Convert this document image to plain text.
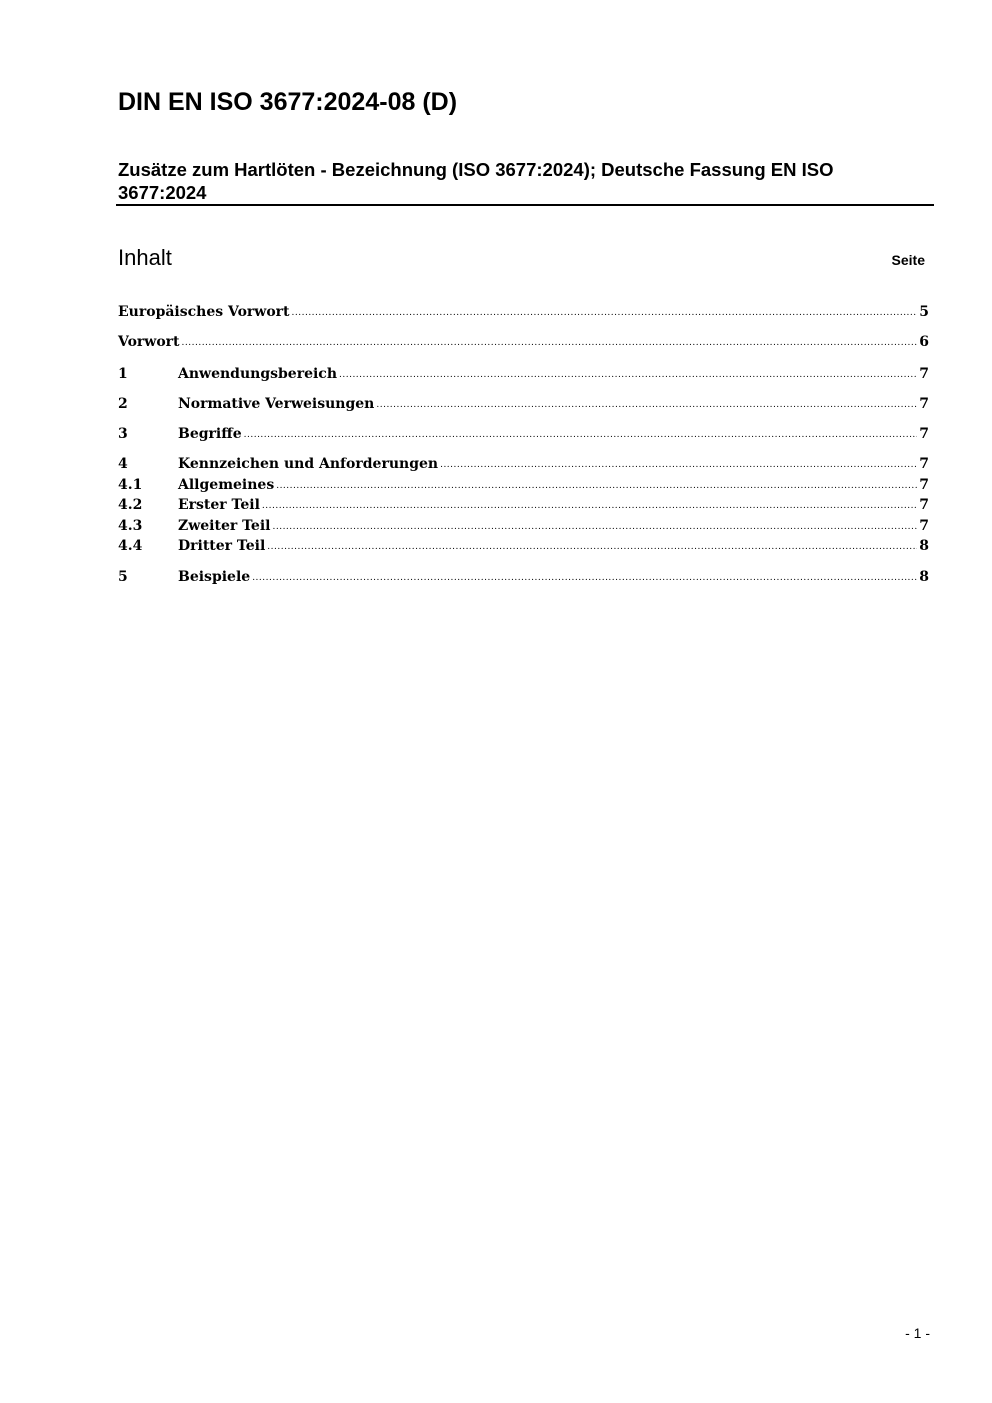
DIN EN ISO 3677:2024-08 (D)
Zusätze zum Hartlöten - Bezeichnung (ISO 3677:2024); Deutsche Fassung EN ISO 3677:2024
Inhalt	Seite
Europäisches Vorwort .....	5
Vorwort .....	6
1	Anwendungsbereich .....	7
2	Normative Verweisungen .....	7
3	Begriffe .....	7
4	Kennzeichen und Anforderungen .....	7
4.1	Allgemeines .....	7
4.2	Erster Teil .....	7
4.3	Zweiter Teil .....	7
4.4	Dritter Teil .....	8
5	Beispiele .....	8
- 1 -
